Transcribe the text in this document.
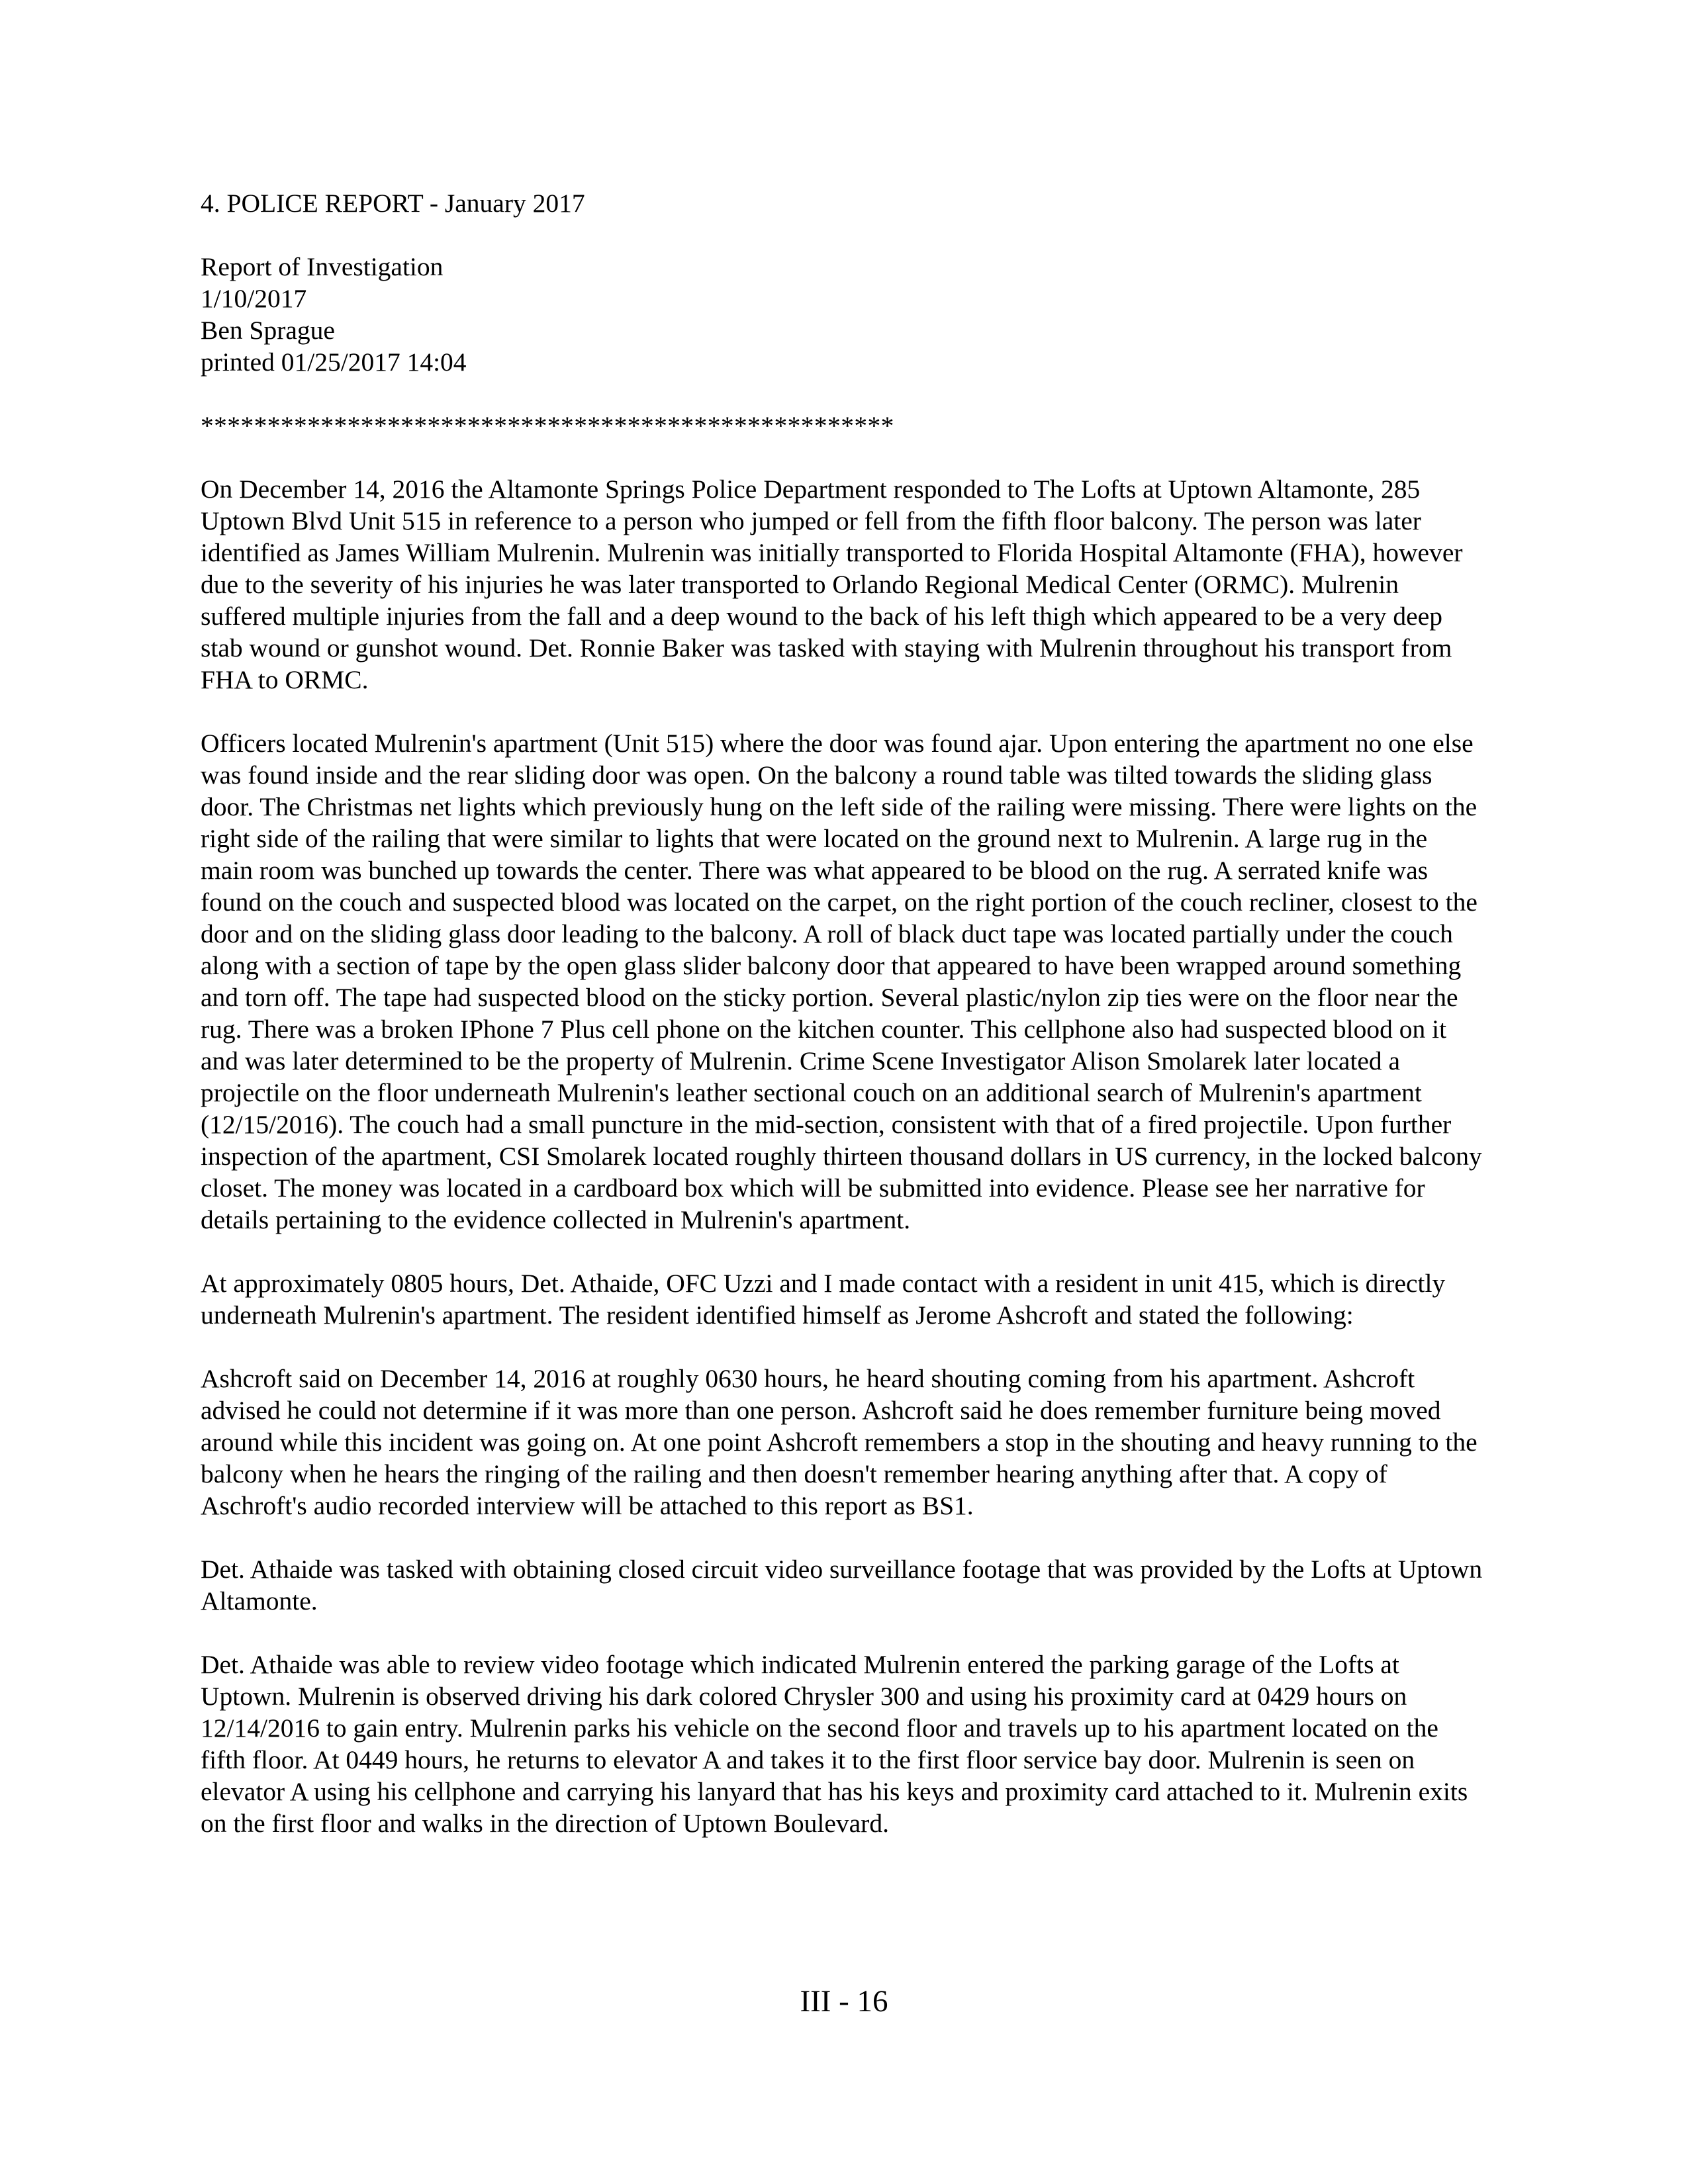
4. POLICE REPORT - January 2017
Report of Investigation
1/10/2017
Ben Sprague
printed 01/25/2017 14:04
****************************************************

On December 14, 2016 the Altamonte Springs Police Department responded to The Lofts at Uptown Altamonte, 285 Uptown Blvd Unit 515 in reference to a person who jumped or fell from the fifth floor balcony. The person was later identified as James William Mulrenin. Mulrenin was initially transported to Florida Hospital Altamonte (FHA), however due to the severity of his injuries he was later transported to Orlando Regional Medical Center (ORMC). Mulrenin suffered multiple injuries from the fall and a deep wound to the back of his left thigh which appeared to be a very deep stab wound or gunshot wound. Det. Ronnie Baker was tasked with staying with Mulrenin throughout his transport from FHA to ORMC.

Officers located Mulrenin's apartment (Unit 515) where the door was found ajar. Upon entering the apartment no one else was found inside and the rear sliding door was open. On the balcony a round table was tilted towards the sliding glass door. The Christmas net lights which previously hung on the left side of the railing were missing. There were lights on the right side of the railing that were similar to lights that were located on the ground next to Mulrenin. A large rug in the main room was bunched up towards the center. There was what appeared to be blood on the rug. A serrated knife was found on the couch and suspected blood was located on the carpet, on the right portion of the couch recliner, closest to the door and on the sliding glass door leading to the balcony. A roll of black duct tape was located partially under the couch along with a section of tape by the open glass slider balcony door that appeared to have been wrapped around something and torn off. The tape had suspected blood on the sticky portion. Several plastic/nylon zip ties were on the floor near the rug. There was a broken IPhone 7 Plus cell phone on the kitchen counter. This cellphone also had suspected blood on it and was later determined to be the property of Mulrenin. Crime Scene Investigator Alison Smolarek later located a projectile on the floor underneath Mulrenin's leather sectional couch on an additional search of Mulrenin's apartment (12/15/2016). The couch had a small puncture in the mid-section, consistent with that of a fired projectile. Upon further inspection of the apartment, CSI Smolarek located roughly thirteen thousand dollars in US currency, in the locked balcony closet. The money was located in a cardboard box which will be submitted into evidence. Please see her narrative for details pertaining to the evidence collected in Mulrenin's apartment.

At approximately 0805 hours, Det. Athaide, OFC Uzzi and I made contact with a resident in unit 415, which is directly underneath Mulrenin's apartment. The resident identified himself as Jerome Ashcroft and stated the following:

Ashcroft said on December 14, 2016 at roughly 0630 hours, he heard shouting coming from his apartment. Ashcroft advised he could not determine if it was more than one person. Ashcroft said he does remember furniture being moved around while this incident was going on. At one point Ashcroft remembers a stop in the shouting and heavy running to the balcony when he hears the ringing of the railing and then doesn't remember hearing anything after that. A copy of Aschroft's audio recorded interview will be attached to this report as BS1.

Det. Athaide was tasked with obtaining closed circuit video surveillance footage that was provided by the Lofts at Uptown Altamonte.

Det. Athaide was able to review video footage which indicated Mulrenin entered the parking garage of the Lofts at Uptown. Mulrenin is observed driving his dark colored Chrysler 300 and using his proximity card at 0429 hours on 12/14/2016 to gain entry. Mulrenin parks his vehicle on the second floor and travels up to his apartment located on the fifth floor. At 0449 hours, he returns to elevator A and takes it to the first floor service bay door. Mulrenin is seen on elevator A using his cellphone and carrying his lanyard that has his keys and proximity card attached to it. Mulrenin exits on the first floor and walks in the direction of Uptown Boulevard.

III - 16
